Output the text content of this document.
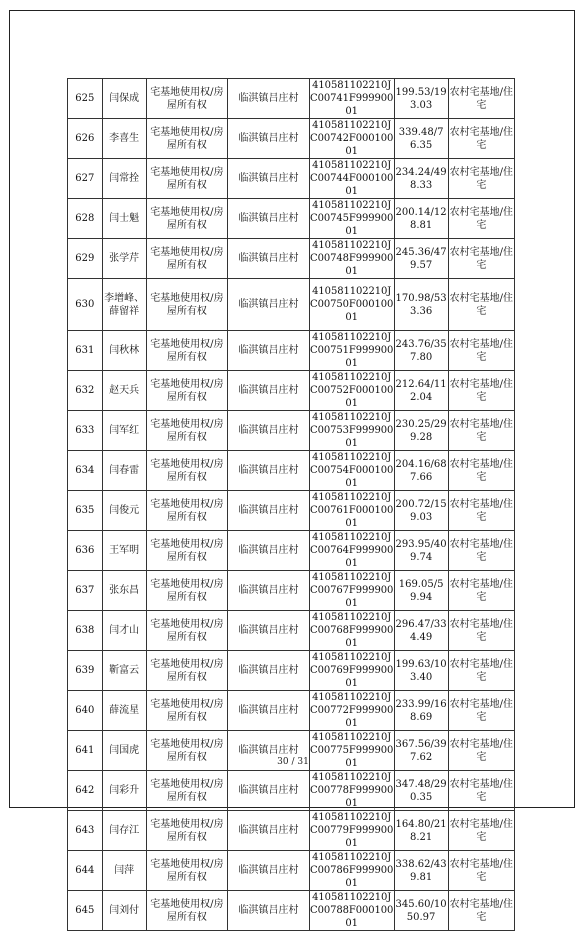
625	闫保成	宅基地使用权/房屋所有权	临淇镇吕庄村	410581102210JC00741F99990001	199.53/193.03	农村宅基地/住宅
626	李喜生	宅基地使用权/房屋所有权	临淇镇吕庄村	410581102210JC00742F00010001	339.48/76.35	农村宅基地/住宅
627	闫常拴	宅基地使用权/房屋所有权	临淇镇吕庄村	410581102210JC00744F00010001	234.24/498.33	农村宅基地/住宅
628	闫士魁	宅基地使用权/房屋所有权	临淇镇吕庄村	410581102210JC00745F99990001	200.14/128.81	农村宅基地/住宅
629	张学芹	宅基地使用权/房屋所有权	临淇镇吕庄村	410581102210JC00748F99990001	245.36/479.57	农村宅基地/住宅
630	李增峰、薛留祥	宅基地使用权/房屋所有权	临淇镇吕庄村	410581102210JC00750F00010001	170.98/533.36	农村宅基地/住宅
631	闫秋林	宅基地使用权/房屋所有权	临淇镇吕庄村	410581102210JC00751F99990001	243.76/357.80	农村宅基地/住宅
632	赵天兵	宅基地使用权/房屋所有权	临淇镇吕庄村	410581102210JC00752F00010001	212.64/112.04	农村宅基地/住宅
633	闫军红	宅基地使用权/房屋所有权	临淇镇吕庄村	410581102210JC00753F99990001	230.25/299.28	农村宅基地/住宅
634	闫春雷	宅基地使用权/房屋所有权	临淇镇吕庄村	410581102210JC00754F00010001	204.16/687.66	农村宅基地/住宅
635	闫俊元	宅基地使用权/房屋所有权	临淇镇吕庄村	410581102210JC00761F00010001	200.72/159.03	农村宅基地/住宅
636	王军明	宅基地使用权/房屋所有权	临淇镇吕庄村	410581102210JC00764F99990001	293.95/409.74	农村宅基地/住宅
637	张东昌	宅基地使用权/房屋所有权	临淇镇吕庄村	410581102210JC00767F99990001	169.05/59.94	农村宅基地/住宅
638	闫才山	宅基地使用权/房屋所有权	临淇镇吕庄村	410581102210JC00768F99990001	296.47/334.49	农村宅基地/住宅
639	靳富云	宅基地使用权/房屋所有权	临淇镇吕庄村	410581102210JC00769F99990001	199.63/103.40	农村宅基地/住宅
640	薛流星	宅基地使用权/房屋所有权	临淇镇吕庄村	410581102210JC00772F99990001	233.99/168.69	农村宅基地/住宅
641	闫国虎	宅基地使用权/房屋所有权	临淇镇吕庄村	410581102210JC00775F99990001	367.56/397.62	农村宅基地/住宅
642	闫彩升	宅基地使用权/房屋所有权	临淇镇吕庄村	410581102210JC00778F99990001	347.48/290.35	农村宅基地/住宅
643	闫存江	宅基地使用权/房屋所有权	临淇镇吕庄村	410581102210JC00779F99990001	164.80/218.21	农村宅基地/住宅
644	闫萍	宅基地使用权/房屋所有权	临淇镇吕庄村	410581102210JC00786F99990001	338.62/439.81	农村宅基地/住宅
645	闫刘付	宅基地使用权/房屋所有权	临淇镇吕庄村	410581102210JC00788F00010001	345.60/1050.97	农村宅基地/住宅
30 / 31
